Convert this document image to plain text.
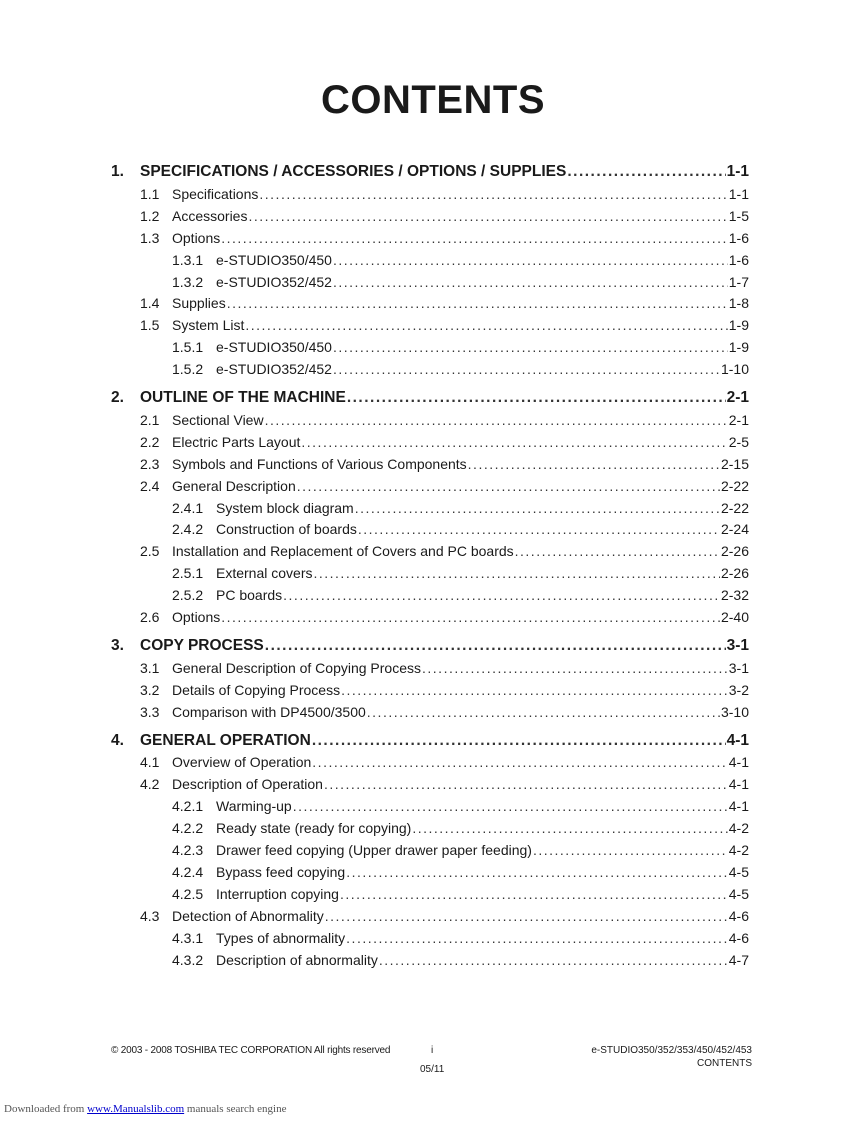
CONTENTS
1. SPECIFICATIONS / ACCESSORIES / OPTIONS / SUPPLIES .....	1-1
1.1 Specifications .....	1-1
1.2 Accessories .....	1-5
1.3 Options .....	1-6
1.3.1 e-STUDIO350/450 .....	1-6
1.3.2 e-STUDIO352/452 .....	1-7
1.4 Supplies .....	1-8
1.5 System List .....	1-9
1.5.1 e-STUDIO350/450 .....	1-9
1.5.2 e-STUDIO352/452 .....	1-10
2. OUTLINE OF THE MACHINE .....	2-1
2.1 Sectional View .....	2-1
2.2 Electric Parts Layout .....	2-5
2.3 Symbols and Functions of Various Components .....	2-15
2.4 General Description .....	2-22
2.4.1 System block diagram .....	2-22
2.4.2 Construction of boards .....	2-24
2.5 Installation and Replacement of Covers and PC boards .....	2-26
2.5.1 External covers .....	2-26
2.5.2 PC boards .....	2-32
2.6 Options .....	2-40
3. COPY PROCESS .....	3-1
3.1 General Description of Copying Process .....	3-1
3.2 Details of Copying Process .....	3-2
3.3 Comparison with DP4500/3500 .....	3-10
4. GENERAL OPERATION .....	4-1
4.1 Overview of Operation .....	4-1
4.2 Description of Operation .....	4-1
4.2.1 Warming-up .....	4-1
4.2.2 Ready state (ready for copying) .....	4-2
4.2.3 Drawer feed copying (Upper drawer paper feeding) .....	4-2
4.2.4 Bypass feed copying .....	4-5
4.2.5 Interruption copying .....	4-5
4.3 Detection of Abnormality .....	4-6
4.3.1 Types of abnormality .....	4-6
4.3.2 Description of abnormality .....	4-7
© 2003 - 2008 TOSHIBA TEC CORPORATION All rights reserved	i
05/11
e-STUDIO350/352/353/450/452/453
CONTENTS
Downloaded from www.Manualslib.com manuals search engine
